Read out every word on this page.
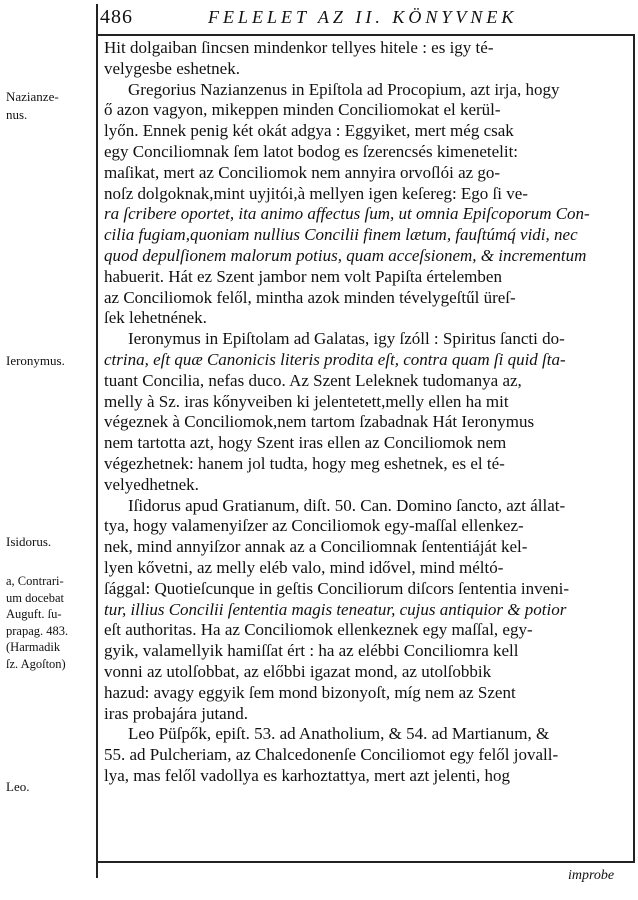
486	FELELET AZ II. KÖNYVNEK
Nazianze-
nus.
Ieronymus.
Isidorus.
a, Contrari-
um docebat
Auguft. ſu-
prapag. 483.
(Harmadik
ſz. Agoſton)
Leo.
Hit dolgaiban ſincsen mindenkor tellyes hitele : es igy té-
velygesbe eshetnek.
Gregorius Nazianzenus in Epiſtola ad Procopium, azt irja, hogy
ő azon vagyon, mikeppen minden Conciliomokat el kerül-
lyőn. Ennek penig két okát adgya : Eggyiket, mert még csak
egy Conciliomnak ſem latot bodog es ſzerencsés kimenetelit:
maſikat, mert az Conciliomok nem annyira orvoſlói az go-
noſz dolgoknak,mint uyjitói,à mellyen igen keſereg: Ego ſi ve-
ra ſcribere oportet, ita animo affectus ſum, ut omnia Epiſcoporum Con-
cilia fugiam,quoniam nullius Concilii finem lætum, fauſtúmq́ vidi, nec
quod depulſionem malorum potius, quam acceſsionem, & incrementum
habuerit. Hát ez Szent jambor nem volt Papiſta értelemben
az Conciliomok felől, mintha azok minden tévelygeſtűl üreſ-
ſek lehetnének.
Ieronymus in Epiſtolam ad Galatas, igy ſzóll : Spiritus ſancti do-
ctrina, eſt quæ Canonicis literis prodita eſt, contra quam ſi quid ſta-
tuant Concilia, nefas duco. Az Szent Leleknek tudomanya az,
melly à Sz. iras kőnyveiben ki jelentetett,melly ellen ha mit
végeznek à Conciliomok,nem tartom ſzabadnak Hát Ieronymus
nem tartotta azt, hogy Szent iras ellen az Conciliomok nem
végezhetnek: hanem jol tudta, hogy meg eshetnek, es el té-
velyedhetnek.
Iſidorus apud Gratianum, diſt. 50. Can. Domino ſancto, azt állat-
tya, hogy valamenyiſzer az Conciliomok egy-maſſal ellenkez-
nek, mind annyiſzor annak az a Conciliomnak ſententiáját kel-
lyen kővetni, az melly eléb valo, mind idővel, mind méltó-
ſággal: Quotieſcunque in geſtis Conciliorum diſcors ſententia inveni-
tur, illius Concilii ſententia magis teneatur, cujus antiquior & potior
eſt authoritas. Ha az Conciliomok ellenkeznek egy maſſal, egy-
gyik, valamellyik hamiſſat ért : ha az elébbi Conciliomra kell
vonni az utolſobbat, az előbbi igazat mond, az utolſobbik
hazud: avagy eggyik ſem mond bizonyoſt, míg nem az Szent
iras probajára jutand.
Leo Püſpők, epiſt. 53. ad Anatholium, & 54. ad Martianum, &
55. ad Pulcheriam, az Chalcedonenſe Conciliomot egy felől jovall-
lya, mas felől vadollya es karhoztattya, mert azt jelenti, hog
improbe
